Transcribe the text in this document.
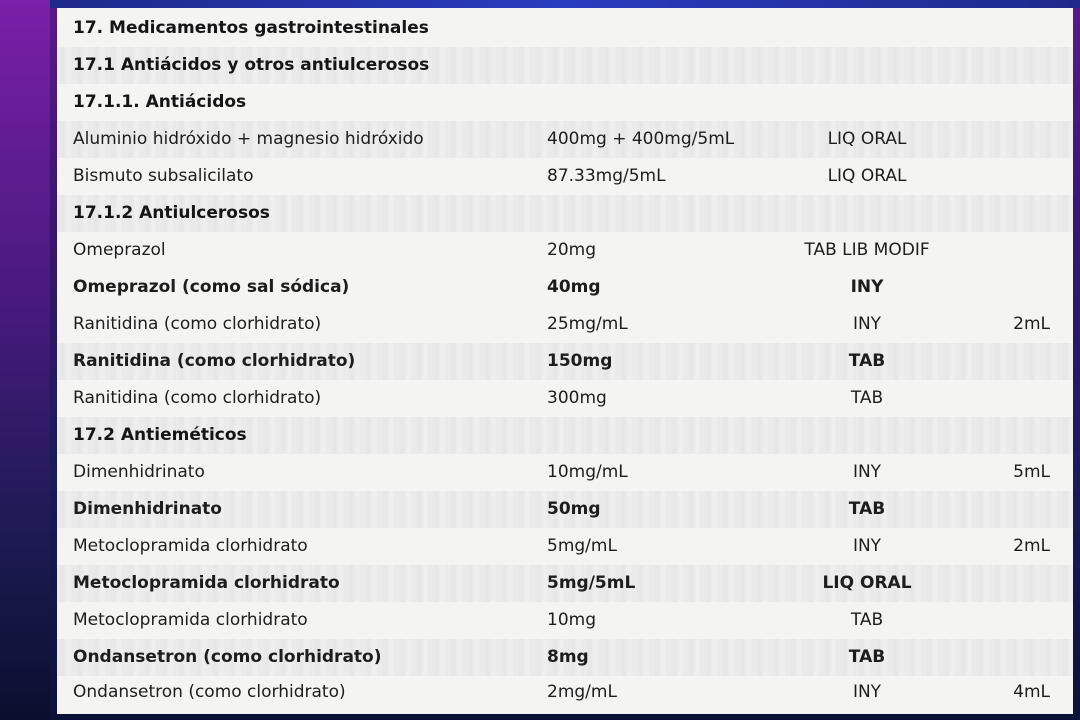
17. Medicamentos gastrointestinales
17.1 Antiácidos y otros antiulcerosos
17.1.1. Antiácidos
Aluminio hidróxido + magnesio hidróxido	400mg + 400mg/5mL	LIQ ORAL
Bismuto subsalicilato	87.33mg/5mL	LIQ ORAL
17.1.2 Antiulcerosos
Omeprazol	20mg	TAB LIB MODIF
Omeprazol (como sal sódica)	40mg	INY
Ranitidina (como clorhidrato)	25mg/mL	INY	2mL
Ranitidina (como clorhidrato)	150mg	TAB
Ranitidina (como clorhidrato)	300mg	TAB
17.2 Antieméticos
Dimenhidrinato	10mg/mL	INY	5mL
Dimenhidrinato	50mg	TAB
Metoclopramida clorhidrato	5mg/mL	INY	2mL
Metoclopramida clorhidrato	5mg/5mL	LIQ ORAL
Metoclopramida clorhidrato	10mg	TAB
Ondansetron (como clorhidrato)	8mg	TAB
Ondansetron (como clorhidrato)	2mg/mL	INY	4mL
